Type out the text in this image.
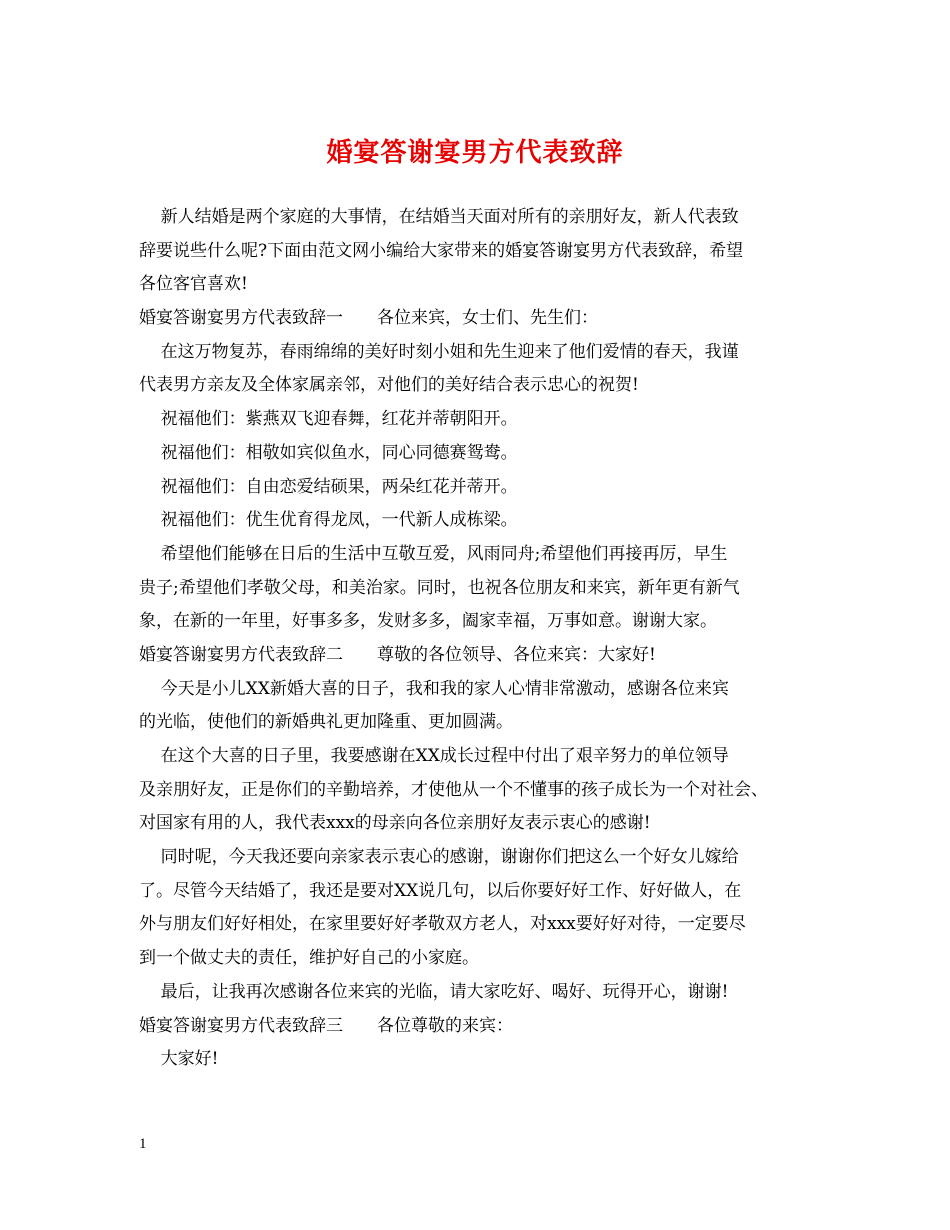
婚宴答谢宴男方代表致辞
新人结婚是两个家庭的大事情，在结婚当天面对所有的亲朋好友，新人代表致
辞要说些什么呢?下面由范文网小编给大家带来的婚宴答谢宴男方代表致辞，希望
各位客官喜欢!
婚宴答谢宴男方代表致辞一　　各位来宾，女士们、先生们：
在这万物复苏，春雨绵绵的美好时刻小姐和先生迎来了他们爱情的春天，我谨
代表男方亲友及全体家属亲邻，对他们的美好结合表示忠心的祝贺!
祝福他们：紫燕双飞迎春舞，红花并蒂朝阳开。
祝福他们：相敬如宾似鱼水，同心同德赛鸳鸯。
祝福他们：自由恋爱结硕果，两朵红花并蒂开。
祝福他们：优生优育得龙凤，一代新人成栋梁。
希望他们能够在日后的生活中互敬互爱，风雨同舟;希望他们再接再厉，早生
贵子;希望他们孝敬父母，和美治家。同时，也祝各位朋友和来宾，新年更有新气
象，在新的一年里，好事多多，发财多多，阖家幸福，万事如意。谢谢大家。
婚宴答谢宴男方代表致辞二　　尊敬的各位领导、各位来宾：大家好!
今天是小儿XX新婚大喜的日子，我和我的家人心情非常激动，感谢各位来宾
的光临，使他们的新婚典礼更加隆重、更加圆满。
在这个大喜的日子里，我要感谢在XX成长过程中付出了艰辛努力的单位领导
及亲朋好友，正是你们的辛勤培养，才使他从一个不懂事的孩子成长为一个对社会、
对国家有用的人，我代表xxx的母亲向各位亲朋好友表示衷心的感谢!
同时呢，今天我还要向亲家表示衷心的感谢，谢谢你们把这么一个好女儿嫁给
了。尽管今天结婚了，我还是要对XX说几句，以后你要好好工作、好好做人，在
外与朋友们好好相处，在家里要好好孝敬双方老人，对xxx要好好对待，一定要尽
到一个做丈夫的责任，维护好自己的小家庭。
最后，让我再次感谢各位来宾的光临，请大家吃好、喝好、玩得开心，谢谢!
婚宴答谢宴男方代表致辞三　　各位尊敬的来宾：
大家好!
1
